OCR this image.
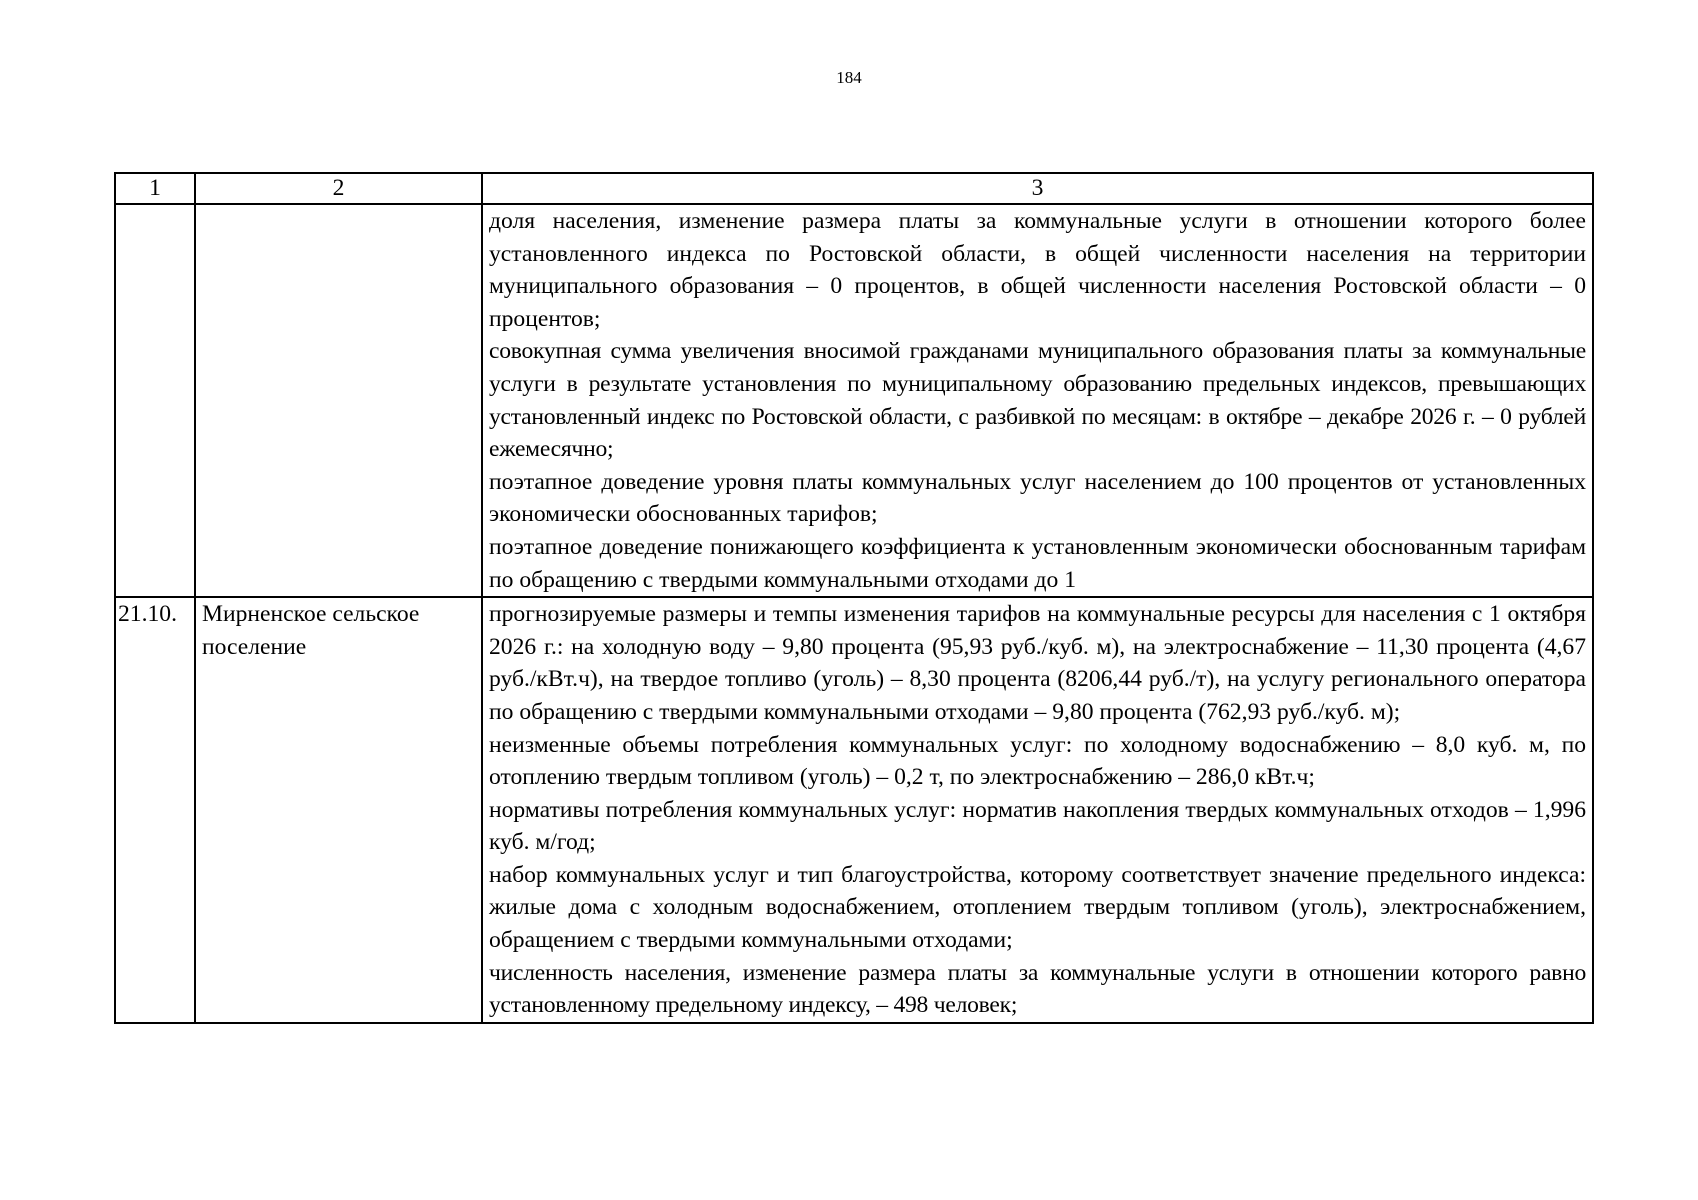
184
1	2	3

		доля населения, изменение размера платы за коммунальные услуги в отношении которого более установленного индекса по Ростовской области, в общей численности населения на территории муниципального образования – 0 процентов, в общей численности населения Ростовской области – 0 процентов;
совокупная сумма увеличения вносимой гражданами муниципального образования платы за коммунальные услуги в результате установления по муниципальному образованию предельных индексов, превышающих установленный индекс по Ростовской области, с разбивкой по месяцам: в октябре – декабре 2026 г. – 0 рублей ежемесячно;
поэтапное доведение уровня платы коммунальных услуг населением до 100 процентов от установленных экономически обоснованных тарифов;
поэтапное доведение понижающего коэффициента к установленным экономически обоснованным тарифам по обращению с твердыми коммунальными отходами до 1

21.10.	Мирненское сельское поселение	прогнозируемые размеры и темпы изменения тарифов на коммунальные ресурсы для населения с 1 октября 2026 г.: на холодную воду – 9,80 процента (95,93 руб./куб. м), на электроснабжение – 11,30 процента (4,67 руб./кВт.ч), на твердое топливо (уголь) – 8,30 процента (8206,44 руб./т), на услугу регионального оператора по обращению с твердыми коммунальными отходами – 9,80 процента (762,93 руб./куб. м);
неизменные объемы потребления коммунальных услуг: по холодному водоснабжению – 8,0 куб. м, по отоплению твердым топливом (уголь) – 0,2 т, по электроснабжению – 286,0 кВт.ч;
нормативы потребления коммунальных услуг: норматив накопления твердых коммунальных отходов – 1,996 куб. м/год;
набор коммунальных услуг и тип благоустройства, которому соответствует значение предельного индекса: жилые дома с холодным водоснабжением, отоплением твердым топливом (уголь), электроснабжением, обращением с твердыми коммунальными отходами;
численность населения, изменение размера платы за коммунальные услуги в отношении которого равно установленному предельному индексу, – 498 человек;
